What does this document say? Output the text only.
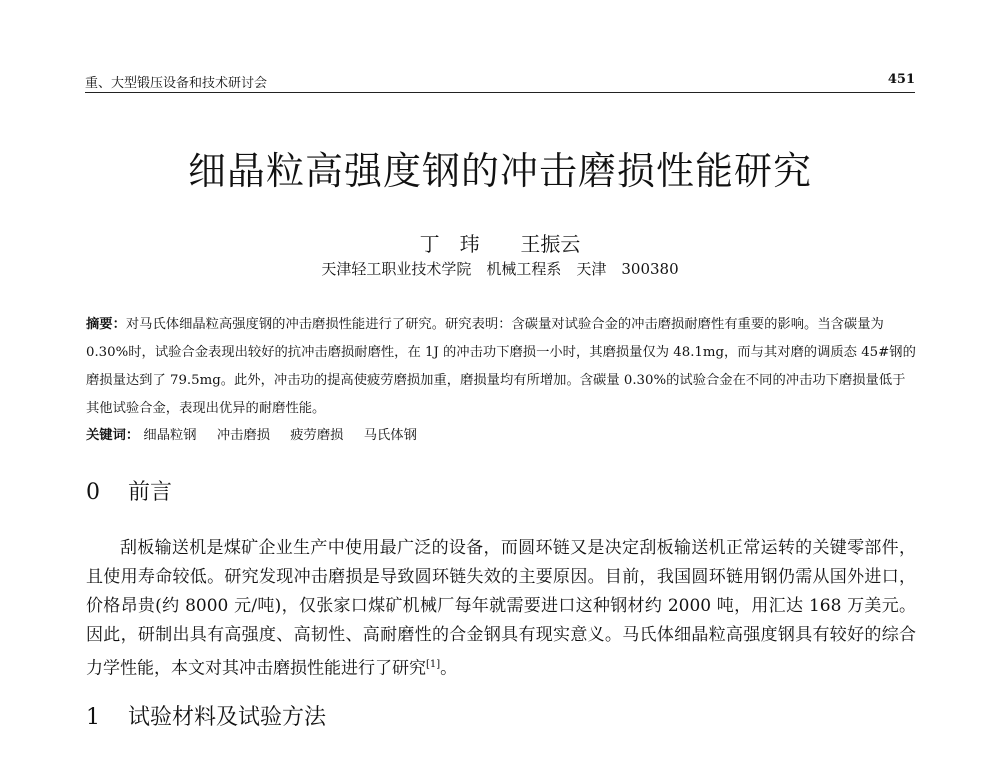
重、大型锻压设备和技术研讨会	451
细晶粒高强度钢的冲击磨损性能研究
丁　玮 王振云
天津轻工职业技术学院　机械工程系　天津　300380
摘要：对马氏体细晶粒高强度钢的冲击磨损性能进行了研究。研究表明：含碳量对试验合金的冲击磨损耐磨性有重要的影响。当含碳量为 0.30%时，试验合金表现出较好的抗冲击磨损耐磨性，在 1J 的冲击功下磨损一小时，其磨损量仅为 48.1mg，而与其对磨的调质态 45#钢的磨损量达到了 79.5mg。此外，冲击功的提高使疲劳磨损加重，磨损量均有所增加。含碳量 0.30%的试验合金在不同的冲击功下磨损量低于其他试验合金，表现出优异的耐磨性能。
关键词： 细晶粒钢 冲击磨损 疲劳磨损 马氏体钢
0 前言
刮板输送机是煤矿企业生产中使用最广泛的设备，而圆环链又是决定刮板输送机正常运转的关键零部件，且使用寿命较低。研究发现冲击磨损是导致圆环链失效的主要原因。目前，我国圆环链用钢仍需从国外进口，价格昂贵(约 8000 元/吨)，仅张家口煤矿机械厂每年就需要进口这种钢材约 2000 吨，用汇达 168 万美元。因此，研制出具有高强度、高韧性、高耐磨性的合金钢具有现实意义。马氏体细晶粒高强度钢具有较好的综合力学性能，本文对其冲击磨损性能进行了研究[1]。
1 试验材料及试验方法
